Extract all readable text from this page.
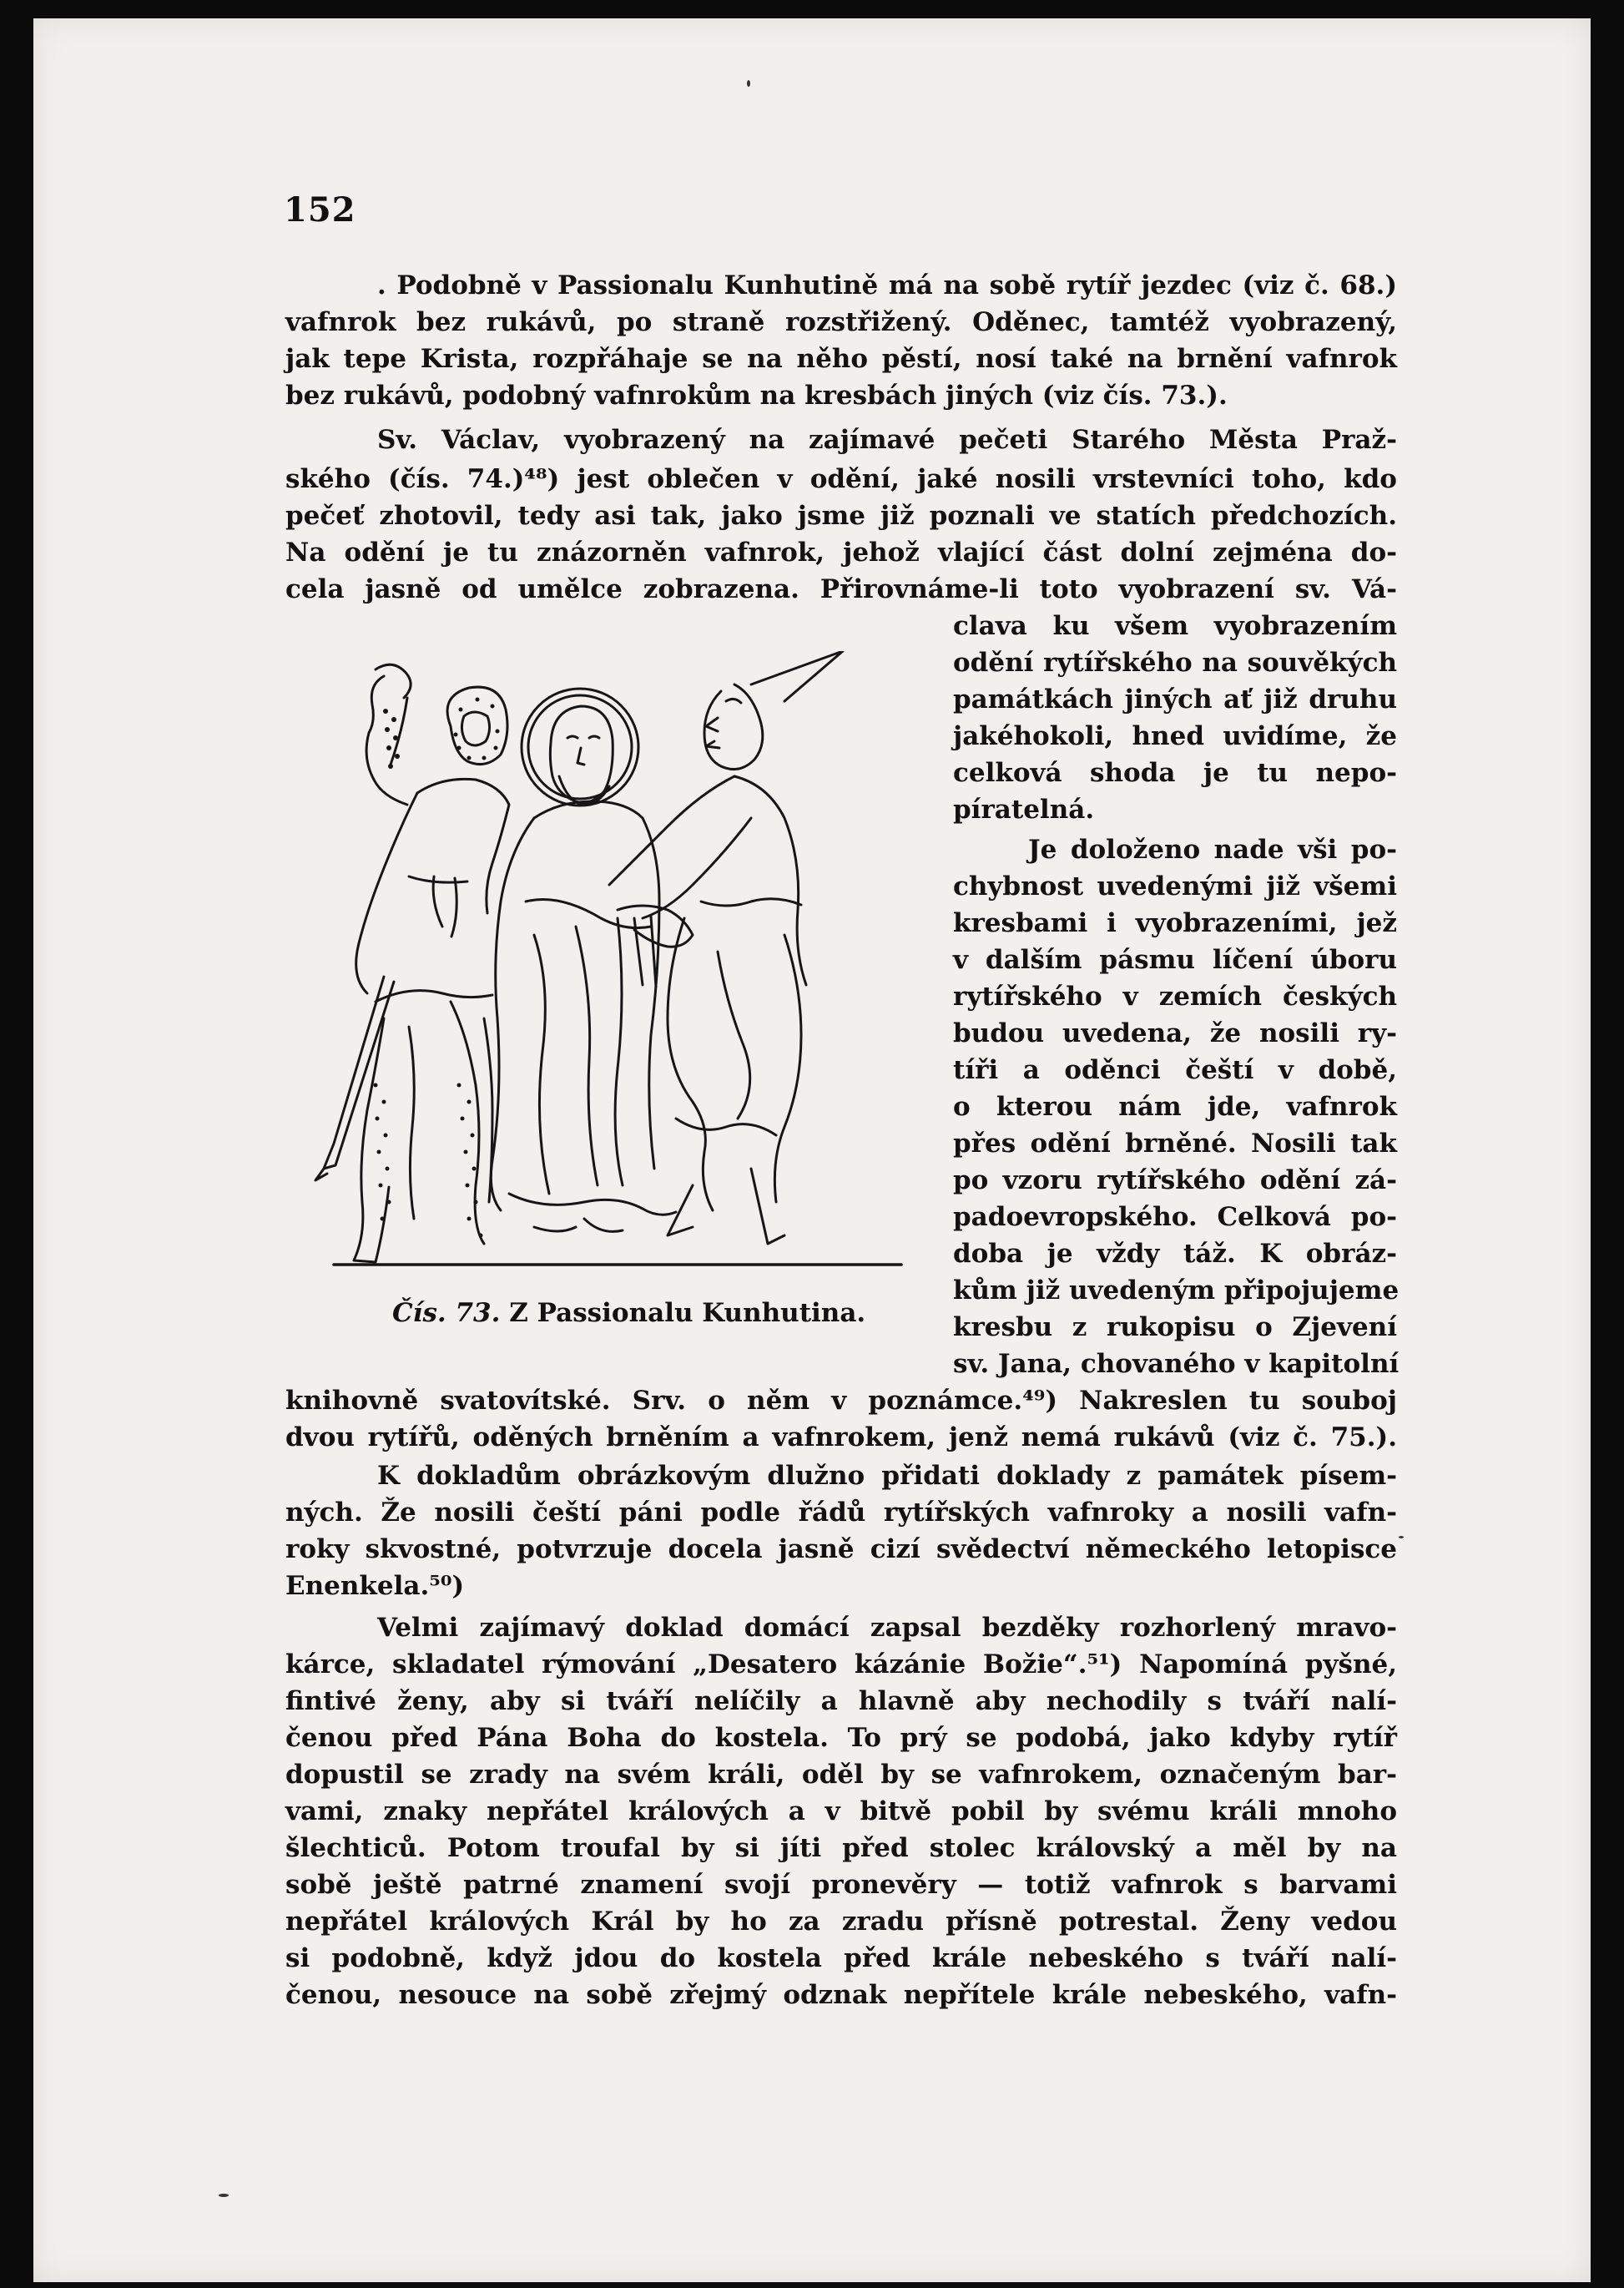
152
. Podobně v Passionalu Kunhutině má na sobě rytíř jezdec (viz č. 68.)
vafnrok bez rukávů, po straně rozstřižený. Oděnec, tamtéž vyobrazený,
jak tepe Krista, rozpřáhaje se na něho pěstí, nosí také na brnění vafnrok
bez rukávů, podobný vafnrokům na kresbách jiných (viz čís. 73.).
Sv. Václav, vyobrazený na zajímavé pečeti Starého Města Praž-
ského (čís. 74.)⁴⁸) jest oblečen v odění, jaké nosili vrstevníci toho, kdo
pečeť zhotovil, tedy asi tak, jako jsme již poznali ve statích předchozích.
Na odění je tu znázorněn vafnrok, jehož vlající část dolní zejména do-
cela jasně od umělce zobrazena. Přirovnáme-li toto vyobrazení sv. Vá-
clava ku všem vyobrazením
odění rytířského na souvěkých
památkách jiných ať již druhu
jakéhokoli, hned uvidíme, že
celková shoda je tu nepo-
píratelná.
Je doloženo nade vši po-
chybnost uvedenými již všemi
kresbami i vyobrazeními, jež
v dalším pásmu líčení úboru
rytířského v zemích českých
budou uvedena, že nosili ry-
tíři a oděnci čeští v době,
o kterou nám jde, vafnrok
přes odění brněné. Nosili tak
po vzoru rytířského odění zá-
padoevropského. Celková po-
doba je vždy táž. K obráz-
kům již uvedeným připojujeme
kresbu z rukopisu o Zjevení
sv. Jana, chovaného v kapitolní
knihovně svatovítské. Srv. o něm v poznámce.⁴⁹) Nakreslen tu souboj
dvou rytířů, oděných brněním a vafnrokem, jenž nemá rukávů (viz č. 75.).
K dokladům obrázkovým dlužno přidati doklady z památek písem-
ných. Že nosili čeští páni podle řádů rytířských vafnroky a nosili vafn-
roky skvostné, potvrzuje docela jasně cizí svědectví německého letopisce
Enenkela.⁵⁰)
Velmi zajímavý doklad domácí zapsal bezděky rozhorlený mravo-
kárce, skladatel rýmování „Desatero kázánie Božie“.⁵¹) Napomíná pyšné,
fintivé ženy, aby si tváří nelíčily a hlavně aby nechodily s tváří nalí-
čenou před Pána Boha do kostela. To prý se podobá, jako kdyby rytíř
dopustil se zrady na svém králi, oděl by se vafnrokem, označeným bar-
vami, znaky nepřátel králových a v bitvě pobil by svému králi mnoho
šlechticů. Potom troufal by si jíti před stolec královský a měl by na
sobě ještě patrné znamení svojí pronevěry — totiž vafnrok s barvami
nepřátel králových Král by ho za zradu přísně potrestal. Ženy vedou
si podobně, když jdou do kostela před krále nebeského s tváří nalí-
čenou, nesouce na sobě zřejmý odznak nepřítele krále nebeského, vafn-
Čís. 73. Z Passionalu Kunhutina.
